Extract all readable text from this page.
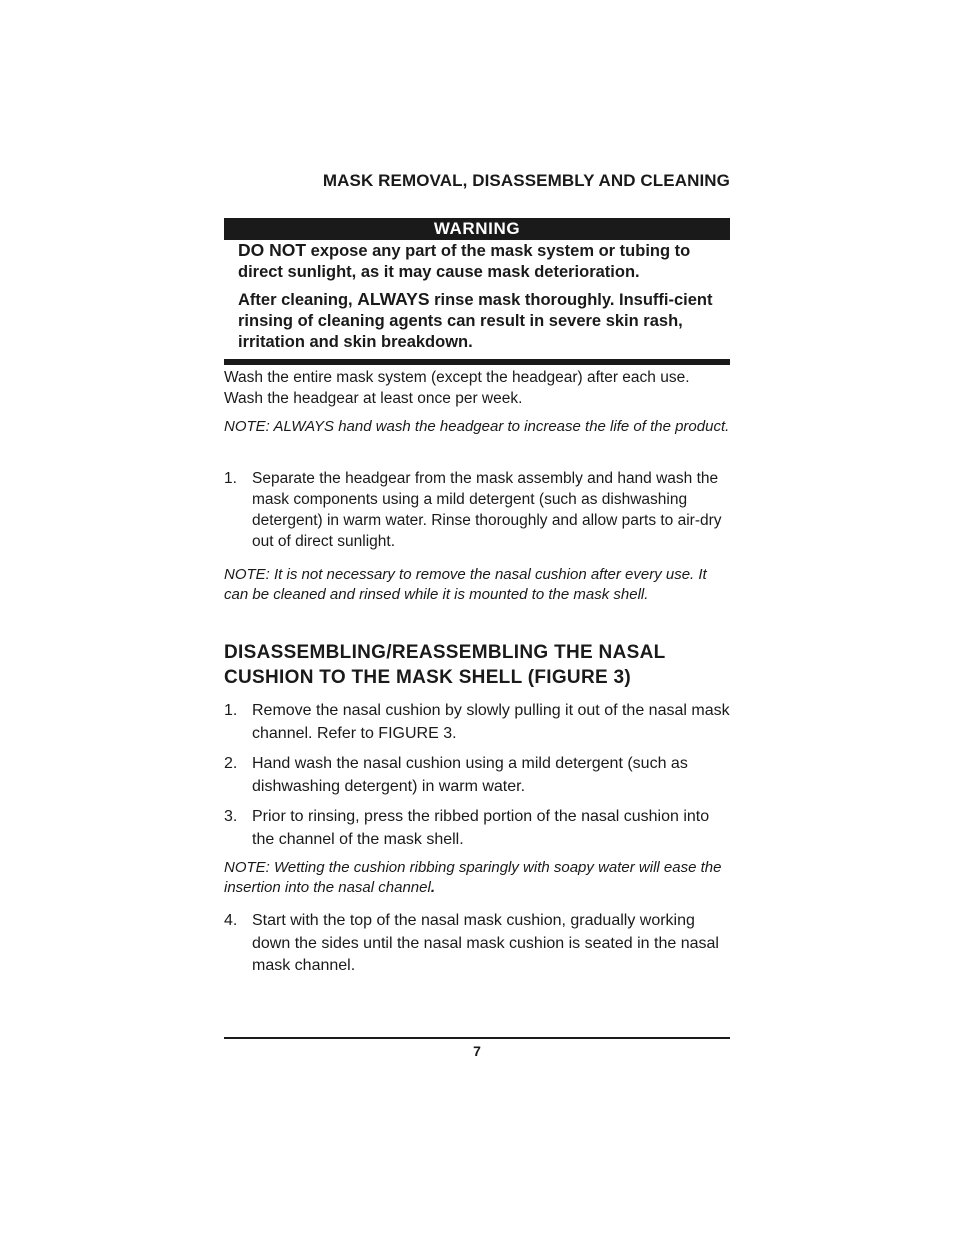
MASK REMOVAL, DISASSEMBLY AND CLEANING
WARNING

DO NOT expose any part of the mask system or tubing to direct sunlight, as it may cause mask deterioration.

After cleaning, ALWAYS rinse mask thoroughly. Insuffi-cient rinsing of cleaning agents can result in severe skin rash, irritation and skin breakdown.

Wash the entire mask system (except the headgear) after each use. Wash the headgear at least once per week.

NOTE: ALWAYS hand wash the headgear to increase the life of the product.

1. Separate the headgear from the mask assembly and hand wash the mask components using a mild detergent (such as dishwashing detergent) in warm water. Rinse thoroughly and allow parts to air-dry out of direct sunlight.

NOTE: It is not necessary to remove the nasal cushion after every use. It can be cleaned and rinsed while it is mounted to the mask shell.

DISASSEMBLING/REASSEMBLING THE NASAL CUSHION TO THE MASK SHELL (FIGURE 3)
1. Remove the nasal cushion by slowly pulling it out of the nasal mask channel. Refer to FIGURE 3.
2. Hand wash the nasal cushion using a mild detergent (such as dishwashing detergent) in warm water.
3. Prior to rinsing, press the ribbed portion of the nasal cushion into the channel of the mask shell.

NOTE: Wetting the cushion ribbing sparingly with soapy water will ease the insertion into the nasal channel.

4. Start with the top of the nasal mask cushion, gradually working down the sides until the nasal mask cushion is seated in the nasal mask channel.
7
